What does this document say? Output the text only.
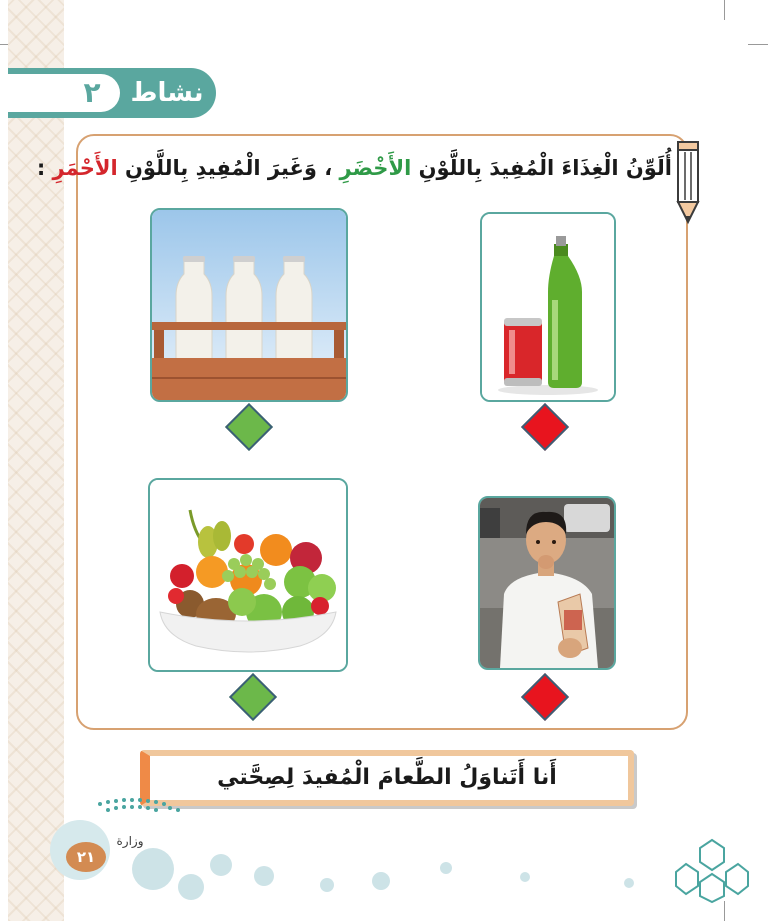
٢	نشاط
أُلَوِّنُ الْغِذَاءَ الْمُفِيدَ بِاللَّوْنِ الأَخْضَرِ ، وَغَيرَ الْمُفِيدِ بِاللَّوْنِ الأَحْمَرِ :
أَنا أَتَناوَلُ الطَّعامَ الْمُفيدَ لِصِحَّتي
وزارة
٢١
